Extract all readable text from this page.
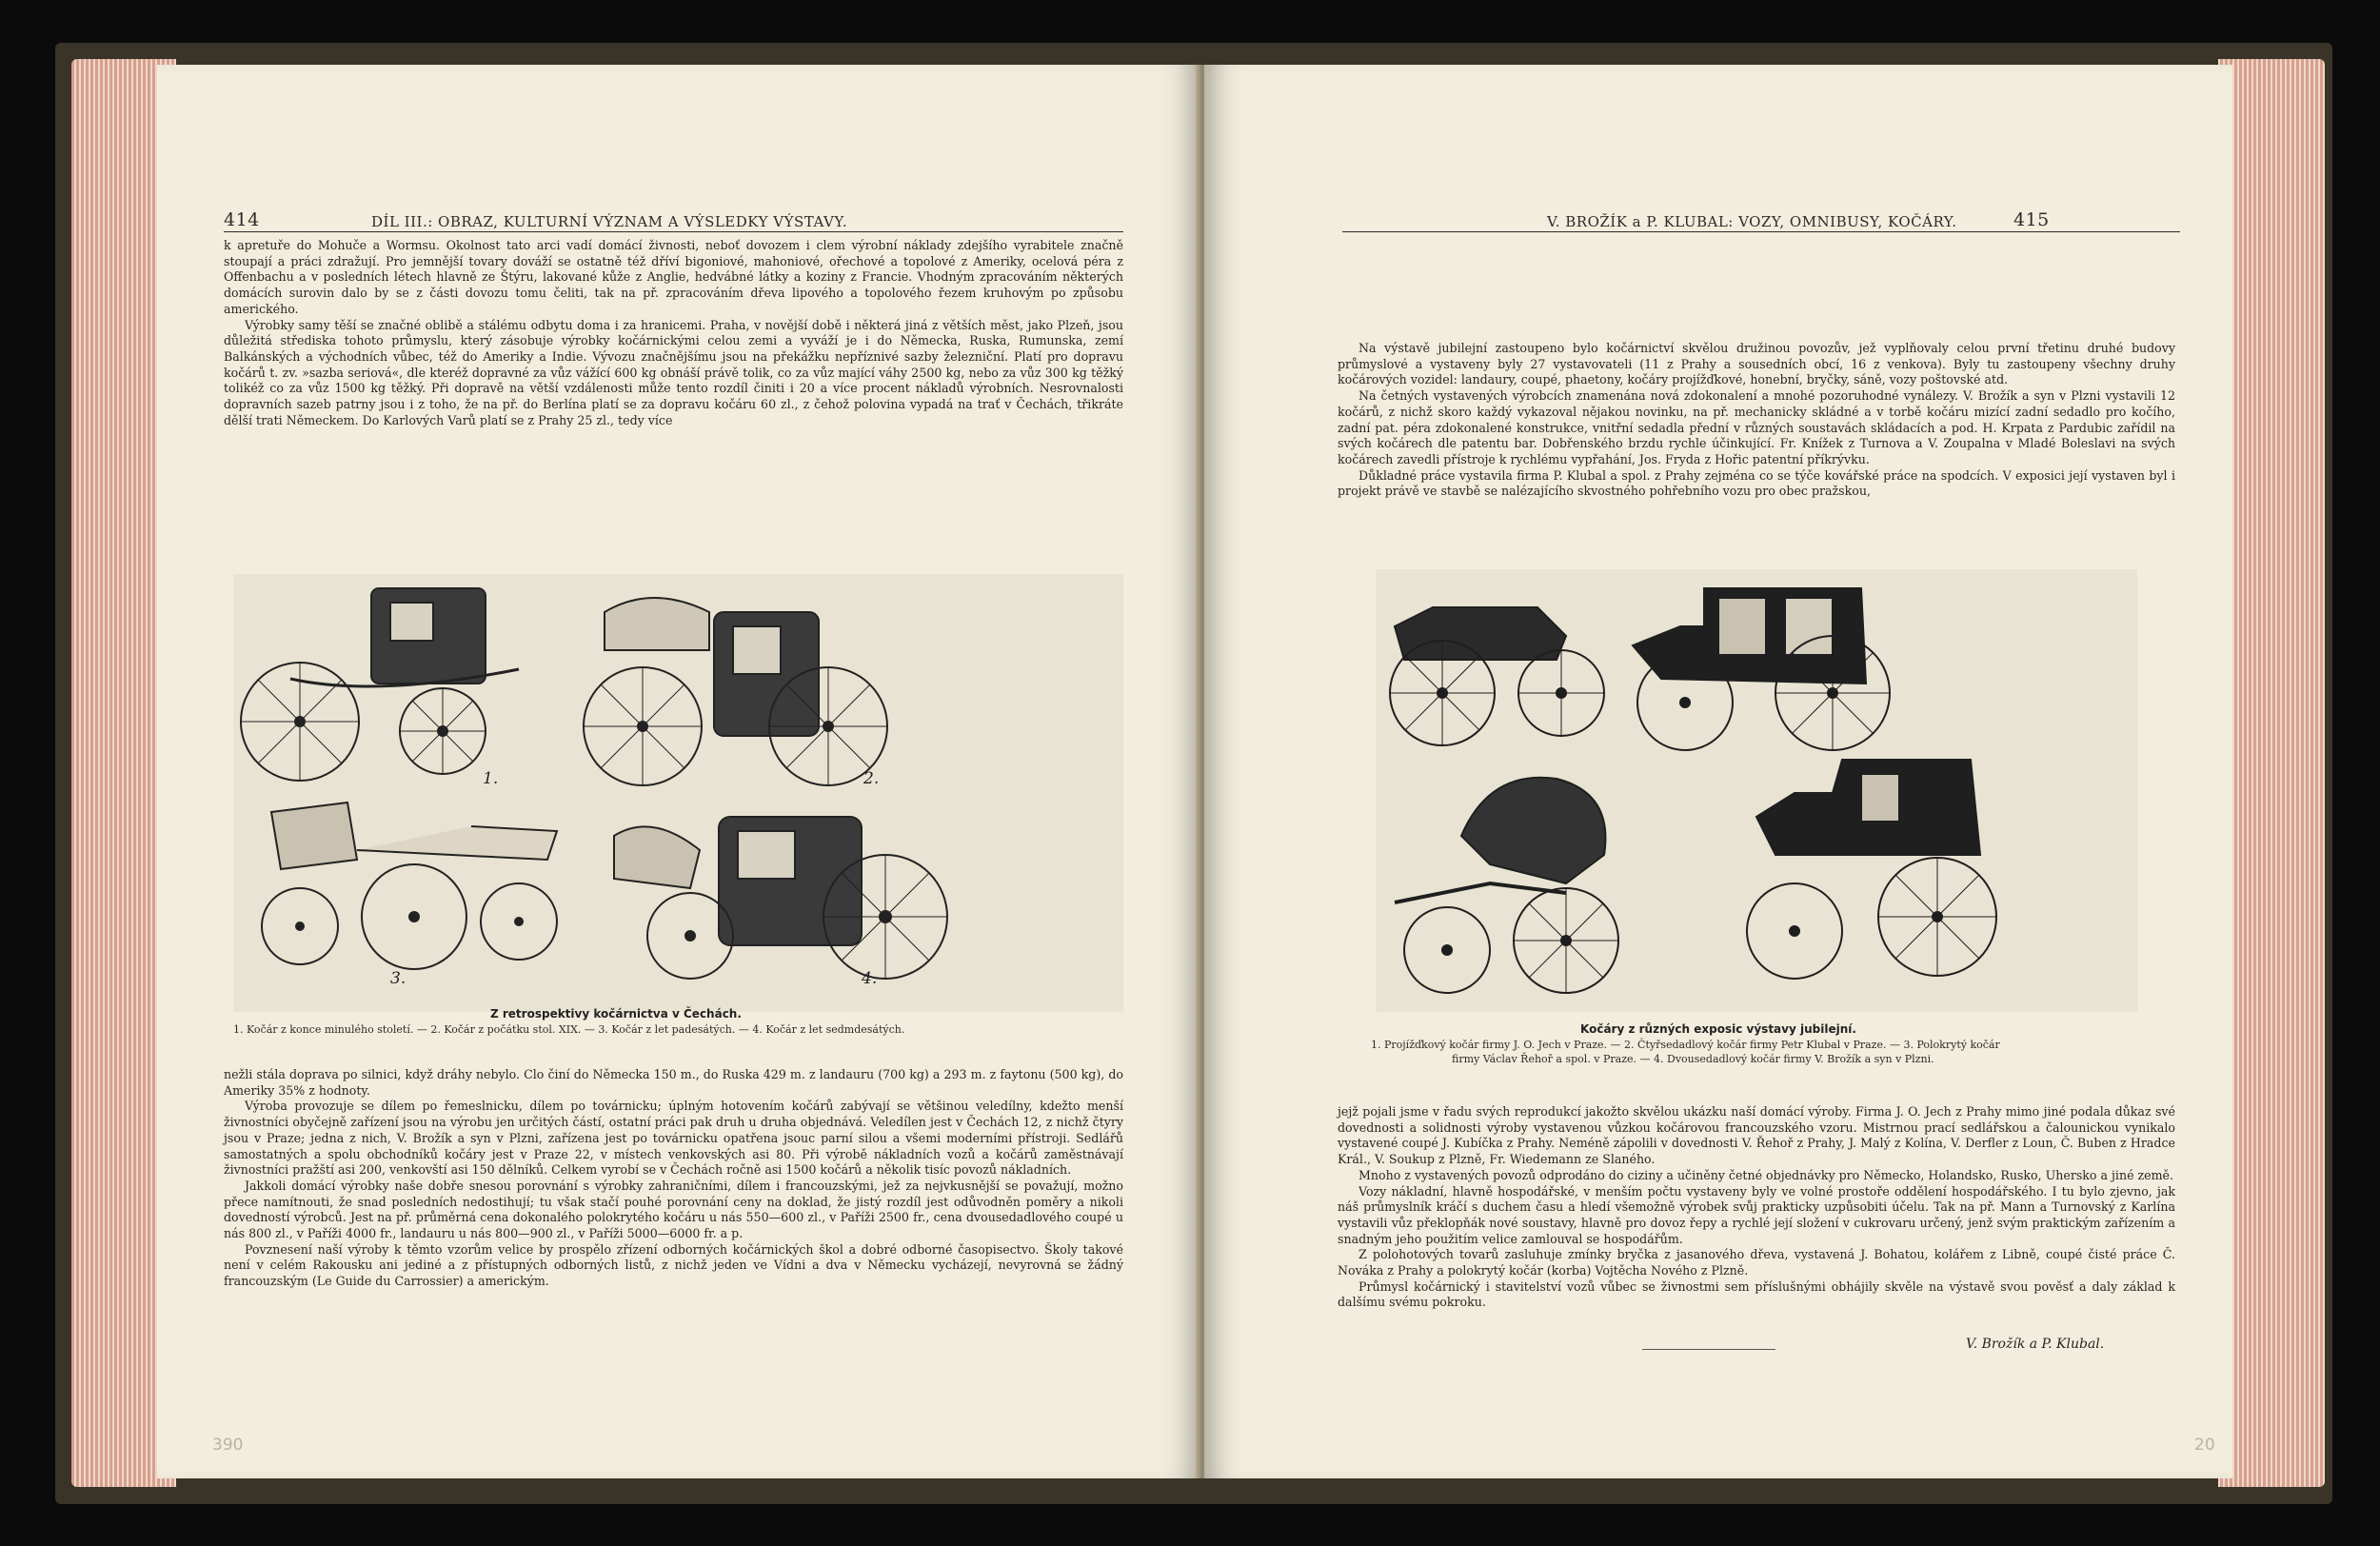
414	DÍL III.: OBRAZ, KULTURNÍ VÝZNAM A VÝSLEDKY VÝSTAVY.

k apretuře do Mohuče a Wormsu. Okolnost tato arci vadí domácí živnosti, neboť dovozem i clem výrobní náklady zdejšího vyrabitele značně stoupají a práci zdražují. Pro jemnější tovary dováží se ostatně též dříví bigoniové, mahoniové, ořechové a topolové z Ameriky, ocelová péra z Offenbachu a v posledních létech hlavně ze Štýru, lakované kůže z Anglie, hedvábné látky a koziny z Francie. Vhodným zpracováním některých domácích surovin dalo by se z části dovozu tomu čeliti, tak na př. zpracováním dřeva lipového a topolového řezem kruhovým po způsobu amerického.

Výrobky samy těší se značné oblibě a stálému odbytu doma i za hranicemi. Praha, v novější době i některá jiná z větších měst, jako Plzeň, jsou důležitá střediska tohoto průmyslu, který zásobuje výrobky kočárnickými celou zemi a vyváží je i do Německa, Ruska, Rumunska, zemí Balkánských a východních vůbec, též do Ameriky a Indie. Vývozu značnějšímu jsou na překážku nepříznivé sazby železniční. Platí pro dopravu kočárů t. zv. »sazba seriová«, dle kteréž dopravné za vůz vážící 600 kg obnáší právě tolik, co za vůz mající váhy 2500 kg, nebo za vůz 300 kg těžký tolikéž co za vůz 1500 kg těžký. Při dopravě na větší vzdálenosti může tento rozdíl činiti i 20 a více procent nákladů výrobních. Nesrovnalosti dopravních sazeb patrny jsou i z toho, že na př. do Berlína platí se za dopravu kočáru 60 zl., z čehož polovina vypadá na trať v Čechách, třikráte dělší trati Německem. Do Karlových Varů platí se z Prahy 25 zl., tedy více

1.	2.
3.	4.
Z retrospektivy kočárnictva v Čechách.
1. Kočár z konce minulého století. — 2. Kočár z počátku stol. XIX. — 3. Kočár z let padesátých. — 4. Kočár z let sedmdesátých.

nežli stála doprava po silnici, když dráhy nebylo. Clo činí do Německa 150 m., do Ruska 429 m. z landauru (700 kg) a 293 m. z faytonu (500 kg), do Ameriky 35% z hodnoty.

Výroba provozuje se dílem po řemeslnicku, dílem po továrnicku; úplným hotovením kočárů zabývají se většinou veledílny, kdežto menší živnostníci obyčejně zařízení jsou na výrobu jen určitých částí, ostatní práci pak druh u druha objednává. Veledílen jest v Čechách 12, z nichž čtyry jsou v Praze; jedna z nich, V. Brožík a syn v Plzni, zařízena jest po továrnicku opatřena jsouc parní silou a všemi moderními přístroji. Sedlářů samostatných a spolu obchodníků kočáry jest v Praze 22, v místech venkovských asi 80. Při výrobě nákladních vozů a kočárů zaměstnávají živnostníci pražští asi 200, venkovští asi 150 dělníků. Celkem vyrobí se v Čechách ročně asi 1500 kočárů a několik tisíc povozů nákladních.

Jakkoli domácí výrobky naše dobře snesou porovnání s výrobky zahraničními, dílem i francouzskými, jež za nejvkusnější se považují, možno přece namítnouti, že snad posledních nedostihují; tu však stačí pouhé porovnání ceny na doklad, že jistý rozdíl jest odůvodněn poměry a nikoli dovedností výrobců. Jest na př. průměrná cena dokonalého polokrytého kočáru u nás 550—600 zl., v Paříži 2500 fr., cena dvousedadlového coupé u nás 800 zl., v Paříži 4000 fr., landauru u nás 800—900 zl., v Paříži 5000—6000 fr. a p.

Povznesení naší výroby k těmto vzorům velice by prospělo zřízení odborných kočárnických škol a dobré odborné časopisectvo. Školy takové není v celém Rakousku ani jediné a z přístupných odborných listů, z nichž jeden ve Vídni a dva v Německu vycházejí, nevyrovná se žádný francouzským (Le Guide du Carrossier) a americkým.

390
V. BROŽÍK a P. KLUBAL: VOZY, OMNIBUSY, KOČÁRY.	415

Na výstavě jubilejní zastoupeno bylo kočárnictví skvělou družinou povozův, jež vyplňovaly celou první třetinu druhé budovy průmyslové a vystaveny byly 27 vystavovateli (11 z Prahy a sousedních obcí, 16 z venkova). Byly tu zastoupeny všechny druhy kočárových vozidel: landaury, coupé, phaetony, kočáry projížďkové, honební, bryčky, sáně, vozy poštovské atd.

Na četných vystavených výrobcích znamenána nová zdokonalení a mnohé pozoruhodné vynálezy. V. Brožík a syn v Plzni vystavili 12 kočárů, z nichž skoro každý vykazoval nějakou novinku, na př. mechanicky skládné a v torbě kočáru mizící zadní sedadlo pro kočího, zadní pat. péra zdokonalené konstrukce, vnitřní sedadla přední v různých soustavách skládacích a pod. H. Krpata z Pardubic zařídil na svých kočárech dle patentu bar. Dobřenského brzdu rychle účinkující. Fr. Knížek z Turnova a V. Zoupalna v Mladé Boleslavi na svých kočárech zavedli přístroje k rychlému vypřahání, Jos. Fryda z Hořic patentní příkrývku.

Důkladné práce vystavila firma P. Klubal a spol. z Prahy zejména co se týče kovářské práce na spodcích. V exposici její vystaven byl i projekt právě ve stavbě se nalézajícího skvostného pohřebního vozu pro obec pražskou,

Kočáry z různých exposic výstavy jubilejní.
1. Projížďkový kočár firmy J. O. Jech v Praze. — 2. Čtyřsedadlový kočár firmy Petr Klubal v Praze. — 3. Polokrytý kočár
firmy Václav Řehoř a spol. v Praze. — 4. Dvousedadlový kočár firmy V. Brožík a syn v Plzni.

jejž pojali jsme v řadu svých reprodukcí jakožto skvělou ukázku naší domácí výroby. Firma J. O. Jech z Prahy mimo jiné podala důkaz své dovednosti a solidnosti výroby vystavenou vůzkou kočárovou francouzského vzoru. Mistrnou prací sedlářskou a čalounickou vynikalo vystavené coupé J. Kubíčka z Prahy. Neméně zápolili v dovednosti V. Řehoř z Prahy, J. Malý z Kolína, V. Derfler z Loun, Č. Buben z Hradce Král., V. Soukup z Plzně, Fr. Wiedemann ze Slaného.

Mnoho z vystavených povozů odprodáno do ciziny a učiněny četné objednávky pro Německo, Holandsko, Rusko, Uhersko a jiné země.

Vozy nákladní, hlavně hospodářské, v menším počtu vystaveny byly ve volné prostoře oddělení hospodářského. I tu bylo zjevno, jak náš průmyslník kráčí s duchem času a hledí všemožně výrobek svůj prakticky uzpůsobiti účelu. Tak na př. Mann a Turnovský z Karlína vystavili vůz překlopňák nové soustavy, hlavně pro dovoz řepy a rychlé její složení v cukrovaru určený, jenž svým praktickým zařízením a snadným jeho použitím velice zamlouval se hospodářům.

Z polohotových tovarů zasluhuje zmínky bryčka z jasanového dřeva, vystavená J. Bohatou, kolářem z Libně, coupé čisté práce Č. Nováka z Prahy a polokrytý kočár (korba) Vojtěcha Nového z Plzně.

Průmysl kočárnický i stavitelství vozů vůbec se živnostmi sem příslušnými obhájily skvěle na výstavě svou pověsť a daly základ k dalšímu svému pokroku.

V. Brožík a P. Klubal.
20
